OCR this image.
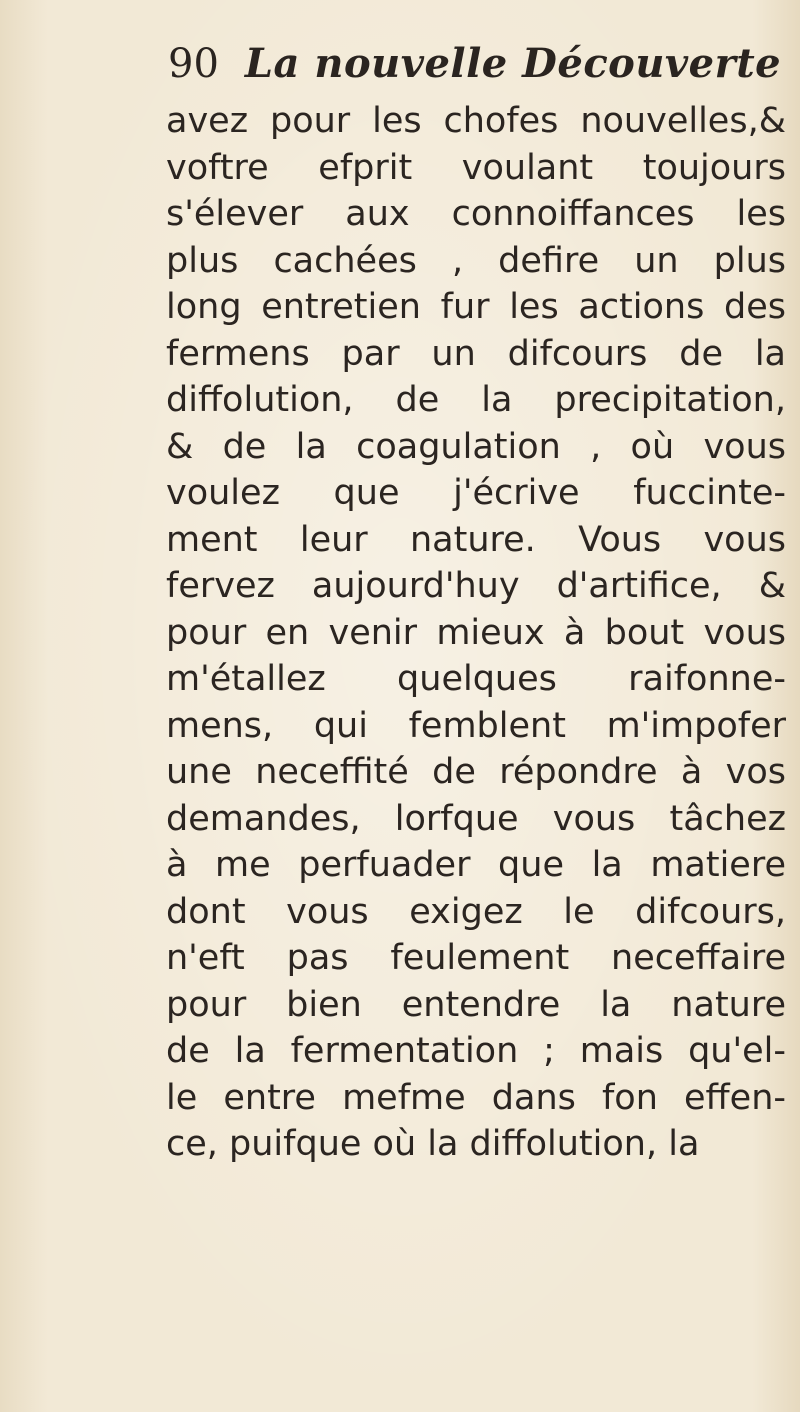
90 La nouvelle Découverte
avez pour les chofes nouvelles,&
voftre efprit voulant toujours
s'élever aux connoiffances les
plus cachées , defire un plus
long entretien fur les actions des
fermens par un difcours de la
diffolution, de la precipitation,
& de la coagulation , où vous
voulez que j'écrive fuccinte-
ment leur nature. Vous vous
fervez aujourd'huy d'artifice, &
pour en venir mieux à bout vous
m'étallez quelques raifonne-
mens, qui femblent m'impofer
une neceffité de répondre à vos
demandes, lorfque vous tâchez
à me perfuader que la matiere
dont vous exigez le difcours,
n'eft pas feulement neceffaire
pour bien entendre la nature
de la fermentation ; mais qu'el-
le entre mefme dans fon effen-
ce, puifque où la diffolution, la
